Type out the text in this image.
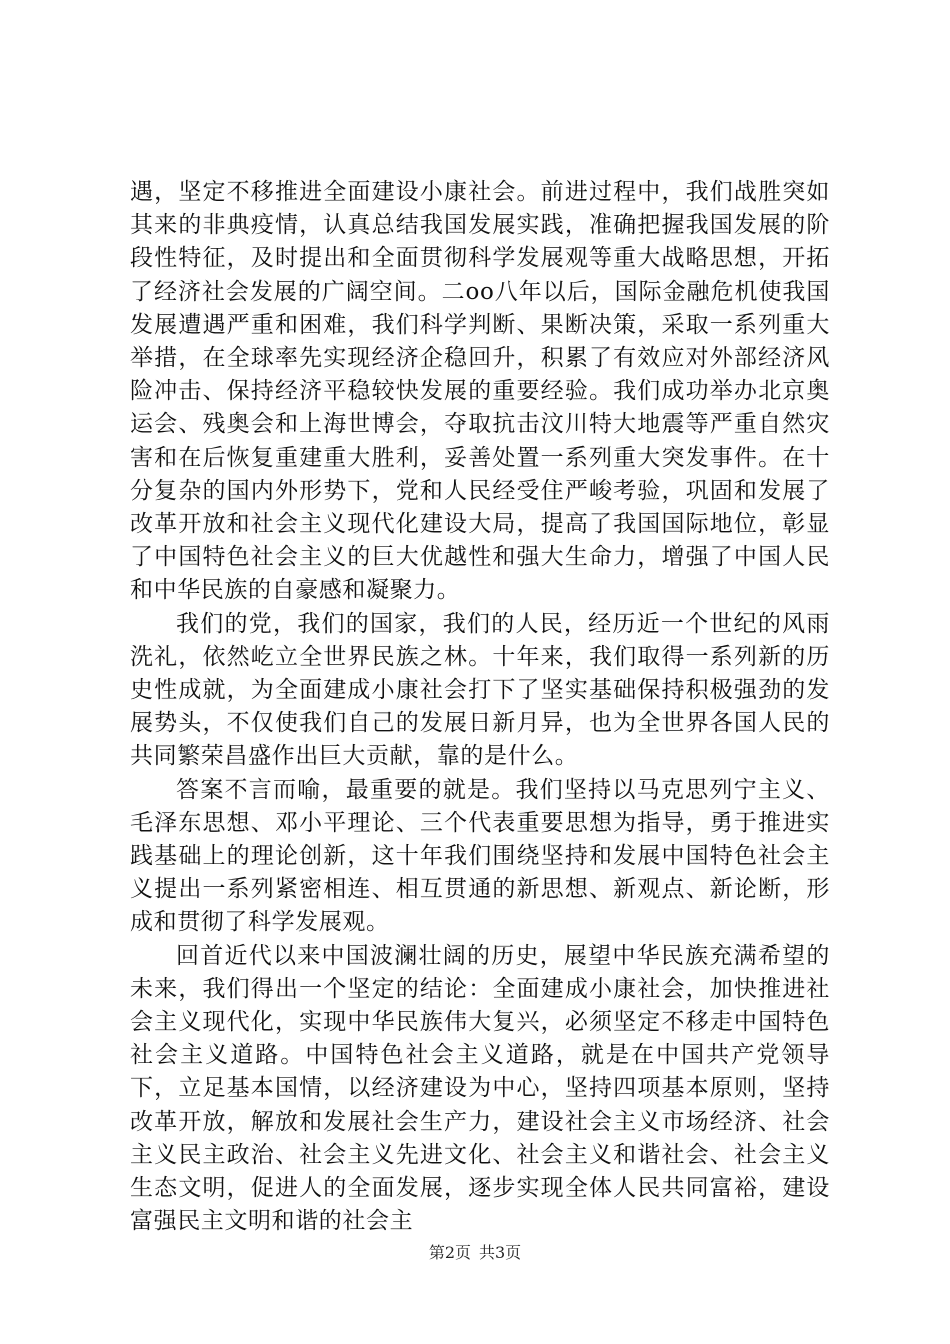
遇，坚定不移推进全面建设小康社会。前进过程中，我们战胜突如其来的非典疫情，认真总结我国发展实践，准确把握我国发展的阶段性特征，及时提出和全面贯彻科学发展观等重大战略思想，开拓了经济社会发展的广阔空间。二oo八年以后，国际金融危机使我国发展遭遇严重和困难，我们科学判断、果断决策，采取一系列重大举措，在全球率先实现经济企稳回升，积累了有效应对外部经济风险冲击、保持经济平稳较快发展的重要经验。我们成功举办北京奥运会、残奥会和上海世博会，夺取抗击汶川特大地震等严重自然灾害和在后恢复重建重大胜利，妥善处置一系列重大突发事件。在十分复杂的国内外形势下，党和人民经受住严峻考验，巩固和发展了改革开放和社会主义现代化建设大局，提高了我国国际地位，彰显了中国特色社会主义的巨大优越性和强大生命力，增强了中国人民和中华民族的自豪感和凝聚力。

我们的党，我们的国家，我们的人民，经历近一个世纪的风雨洗礼，依然屹立全世界民族之林。十年来，我们取得一系列新的历史性成就，为全面建成小康社会打下了坚实基础保持积极强劲的发展势头，不仅使我们自己的发展日新月异，也为全世界各国人民的共同繁荣昌盛作出巨大贡献，靠的是什么。

答案不言而喻，最重要的就是。我们坚持以马克思列宁主义、毛泽东思想、邓小平理论、三个代表重要思想为指导，勇于推进实践基础上的理论创新，这十年我们围绕坚持和发展中国特色社会主义提出一系列紧密相连、相互贯通的新思想、新观点、新论断，形成和贯彻了科学发展观。

回首近代以来中国波澜壮阔的历史，展望中华民族充满希望的未来，我们得出一个坚定的结论：全面建成小康社会，加快推进社会主义现代化，实现中华民族伟大复兴，必须坚定不移走中国特色社会主义道路。中国特色社会主义道路，就是在中国共产党领导下，立足基本国情，以经济建设为中心，坚持四项基本原则，坚持改革开放，解放和发展社会生产力，建设社会主义市场经济、社会主义民主政治、社会主义先进文化、社会主义和谐社会、社会主义生态文明，促进人的全面发展，逐步实现全体人民共同富裕，建设富强民主文明和谐的社会主

第2页 共3页
